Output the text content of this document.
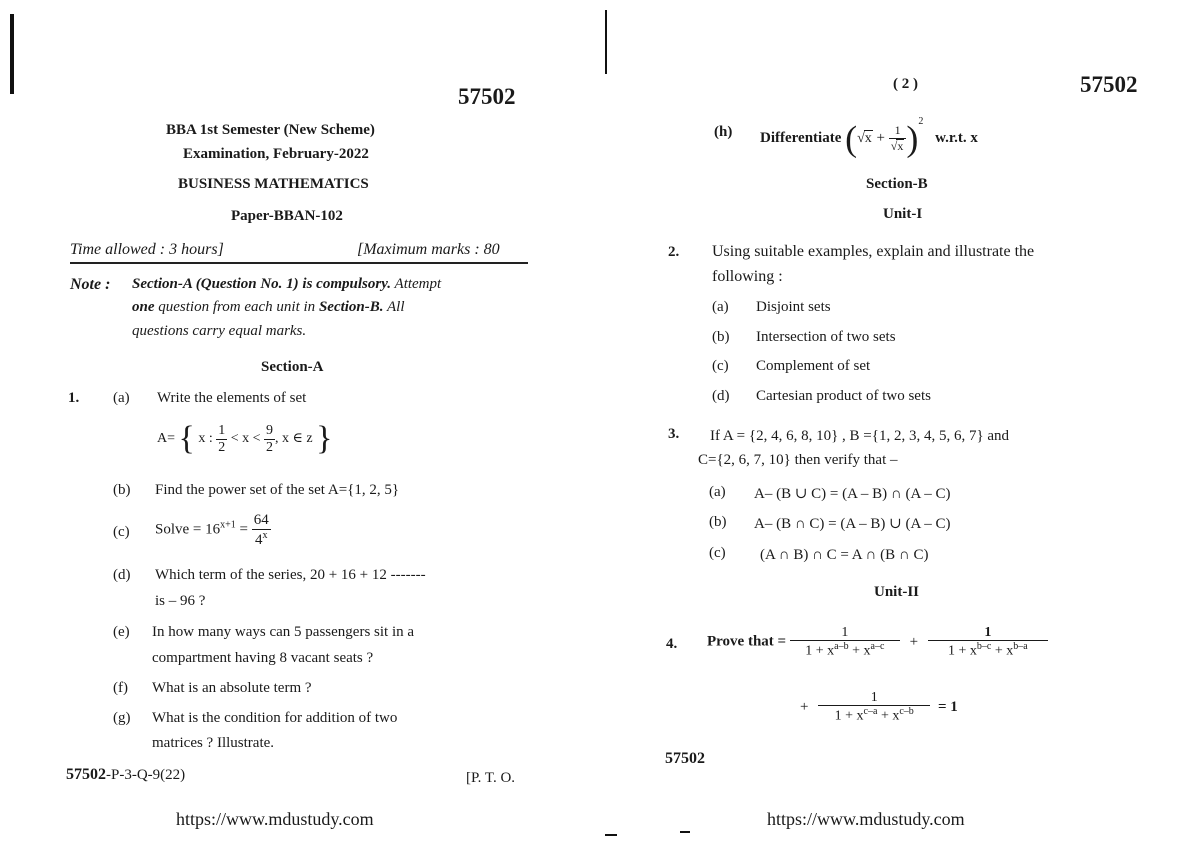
57502
BBA 1st Semester (New Scheme)
Examination, February-2022
BUSINESS MATHEMATICS
Paper-BBAN-102
Time allowed : 3 hours]	[Maximum marks : 80
Note : Section-A (Question No. 1) is compulsory. Attempt
one question from each unit in Section-B. All
questions carry equal marks.
Section-A
1. (a) Write the elements of set
A= { x : $\frac{1}{2} < x < \frac{9}{2}$ , x ∈ z }
(b) Find the power set of the set A={1, 2, 5}
(c) Solve = $16^{x+1} = \frac{64}{4^x}$
(d) Which term of the series, 20 + 16 + 12 -------
is – 96 ?
(e) In how many ways can 5 passengers sit in a
compartment having 8 vacant seats ?
(f) What is an absolute term ?
(g) What is the condition for addition of two
matrices ? Illustrate.
57502-P-3-Q-9(22)	[P. T. O.
https://www.mdustudy.com
( 2 )	57502
(h) Differentiate $(√x + \frac{1}{√x} )^2$ w.r.t. x
Section-B
Unit-I
2. Using suitable examples, explain and illustrate the
following :
(a) Disjoint sets
(b) Intersection of two sets
(c) Complement of set
(d) Cartesian product of two sets
3. If A = {2, 4, 6, 8, 10} , B ={1, 2, 3, 4, 5, 6, 7} and
C={2, 6, 7, 10} then verify that –
(a) A– (B ∪ C) = (A – B) ∩ (A – C)
(b) A– (B ∩ C) = (A – B) ∪ (A – C)
(c) (A ∩ B) ∩ C = A ∩ (B ∩ C)
Unit-II
4. Prove that = $\frac{1}{1 + x^{a-b} + x^{a-c}} + \frac{1}{1 + x^{b-c} + x^{b-a}}$
+ $\frac{1}{1 + x^{c-a} + x^{c-b}} = 1$
57502
https://www.mdustudy.com
